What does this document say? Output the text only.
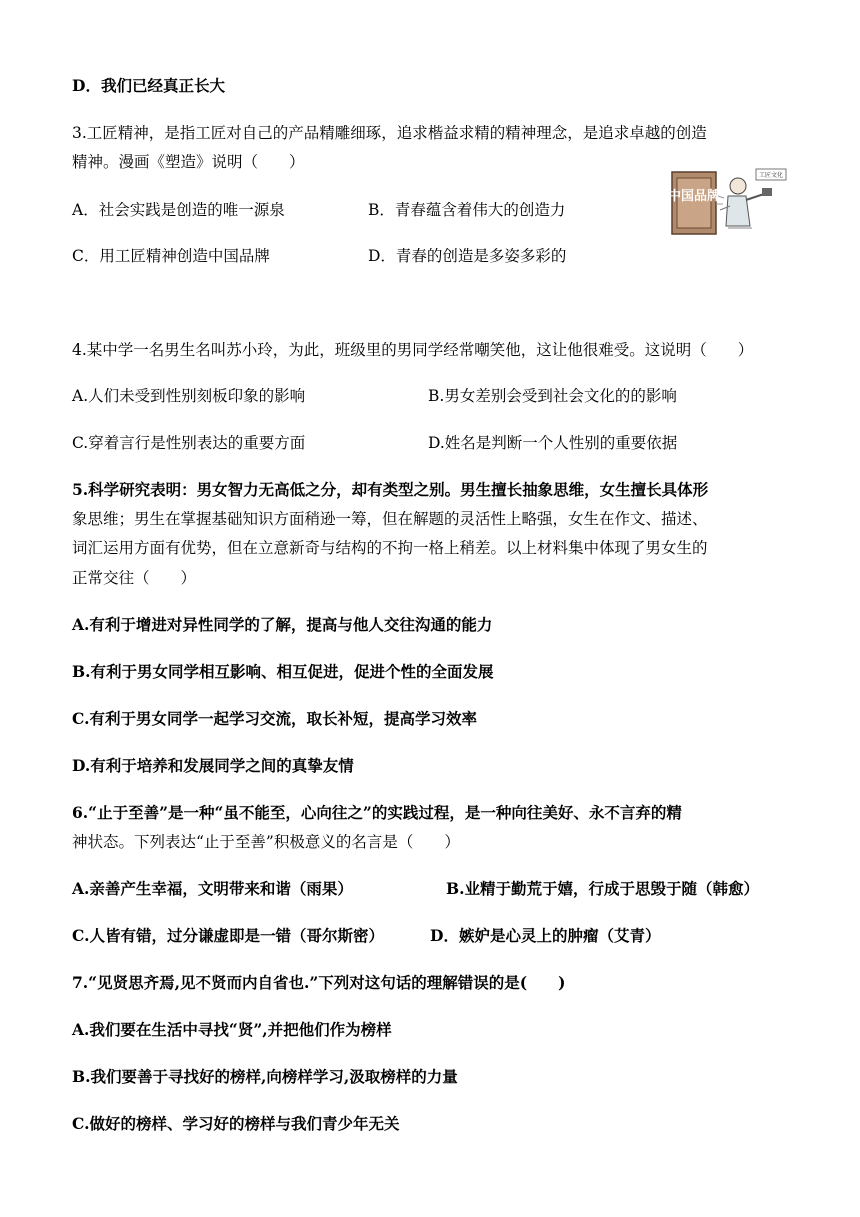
D．我们已经真正长大
3.工匠精神，是指工匠对自己的产品精雕细琢，追求楷益求精的精神理念，是追求卓越的创造
精神。漫画《塑造》说明（　　）
A．社会实践是创造的唯一源泉	B．青春蕴含着伟大的创造力
C．用工匠精神创造中国品牌	D．青春的创造是多姿多彩的
中国品牌
工匠文化
4.某中学一名男生名叫苏小玲，为此，班级里的男同学经常嘲笑他，这让他很难受。这说明（　　）
A.人们未受到性别刻板印象的影响	B.男女差别会受到社会文化的的影响
C.穿着言行是性别表达的重要方面	D.姓名是判断一个人性别的重要依据
5.科学研究表明：男女智力无高低之分，却有类型之别。男生擅长抽象思维，女生擅长具体形
象思维；男生在掌握基础知识方面稍逊一筹，但在解题的灵活性上略强，女生在作文、描述、
词汇运用方面有优势，但在立意新奇与结构的不拘一格上稍差。以上材料集中体现了男女生的
正常交往（　　）
A.有利于增进对异性同学的了解，提高与他人交往沟通的能力
B.有利于男女同学相互影响、相互促进，促进个性的全面发展
C.有利于男女同学一起学习交流，取长补短，提高学习效率
D.有利于培养和发展同学之间的真挚友情
6.“止于至善”是一种“虽不能至，心向往之”的实践过程，是一种向往美好、永不言弃的精
神状态。下列表达“止于至善”积极意义的名言是（　　）
A.亲善产生幸福，文明带来和谐（雨果）	B.业精于勤荒于嬉，行成于思毁于随（韩愈）
C.人皆有错，过分谦虚即是一错（哥尔斯密）	D．嫉妒是心灵上的肿瘤（艾青）
7.“见贤思齐焉,见不贤而内自省也.”下列对这句话的理解错误的是(　　)
A.我们要在生活中寻找“贤”,并把他们作为榜样
B.我们要善于寻找好的榜样,向榜样学习,汲取榜样的力量
C.做好的榜样、学习好的榜样与我们青少年无关
